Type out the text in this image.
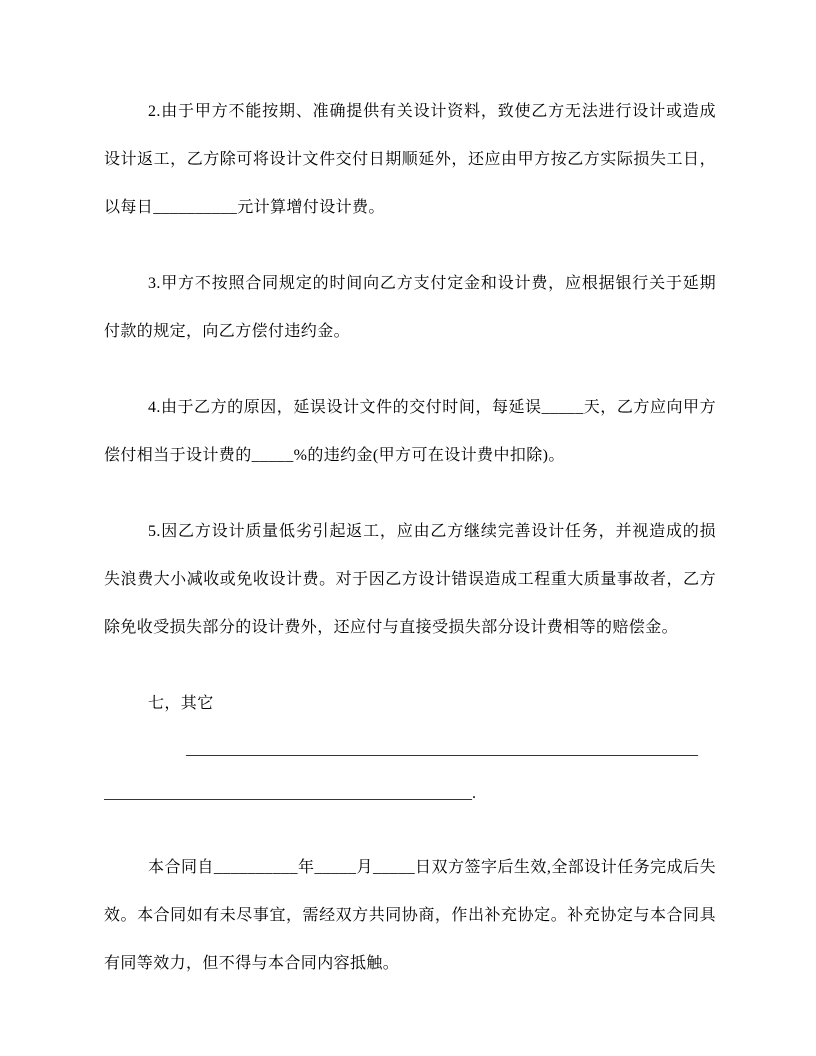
2.由于甲方不能按期、准确提供有关设计资料，致使乙方无法进行设计或造成设计返工，乙方除可将设计文件交付日期顺延外，还应由甲方按乙方实际损失工日，以每日__________元计算增付设计费。

3.甲方不按照合同规定的时间向乙方支付定金和设计费，应根据银行关于延期付款的规定，向乙方偿付违约金。

4.由于乙方的原因，延误设计文件的交付时间，每延误_____天，乙方应向甲方偿付相当于设计费的_____%的违约金(甲方可在设计费中扣除)。

5.因乙方设计质量低劣引起返工，应由乙方继续完善设计任务，并视造成的损失浪费大小减收或免收设计费。对于因乙方设计错误造成工程重大质量事故者，乙方除免收受损失部分的设计费外，还应付与直接受损失部分设计费相等的赔偿金。

七，其它

________________________________________________________________

______________________________________________.

本合同自__________年_____月_____日双方签字后生效,全部设计任务完成后失效。本合同如有未尽事宜，需经双方共同协商，作出补充协定。补充协定与本合同具有同等效力，但不得与本合同内容抵触。
